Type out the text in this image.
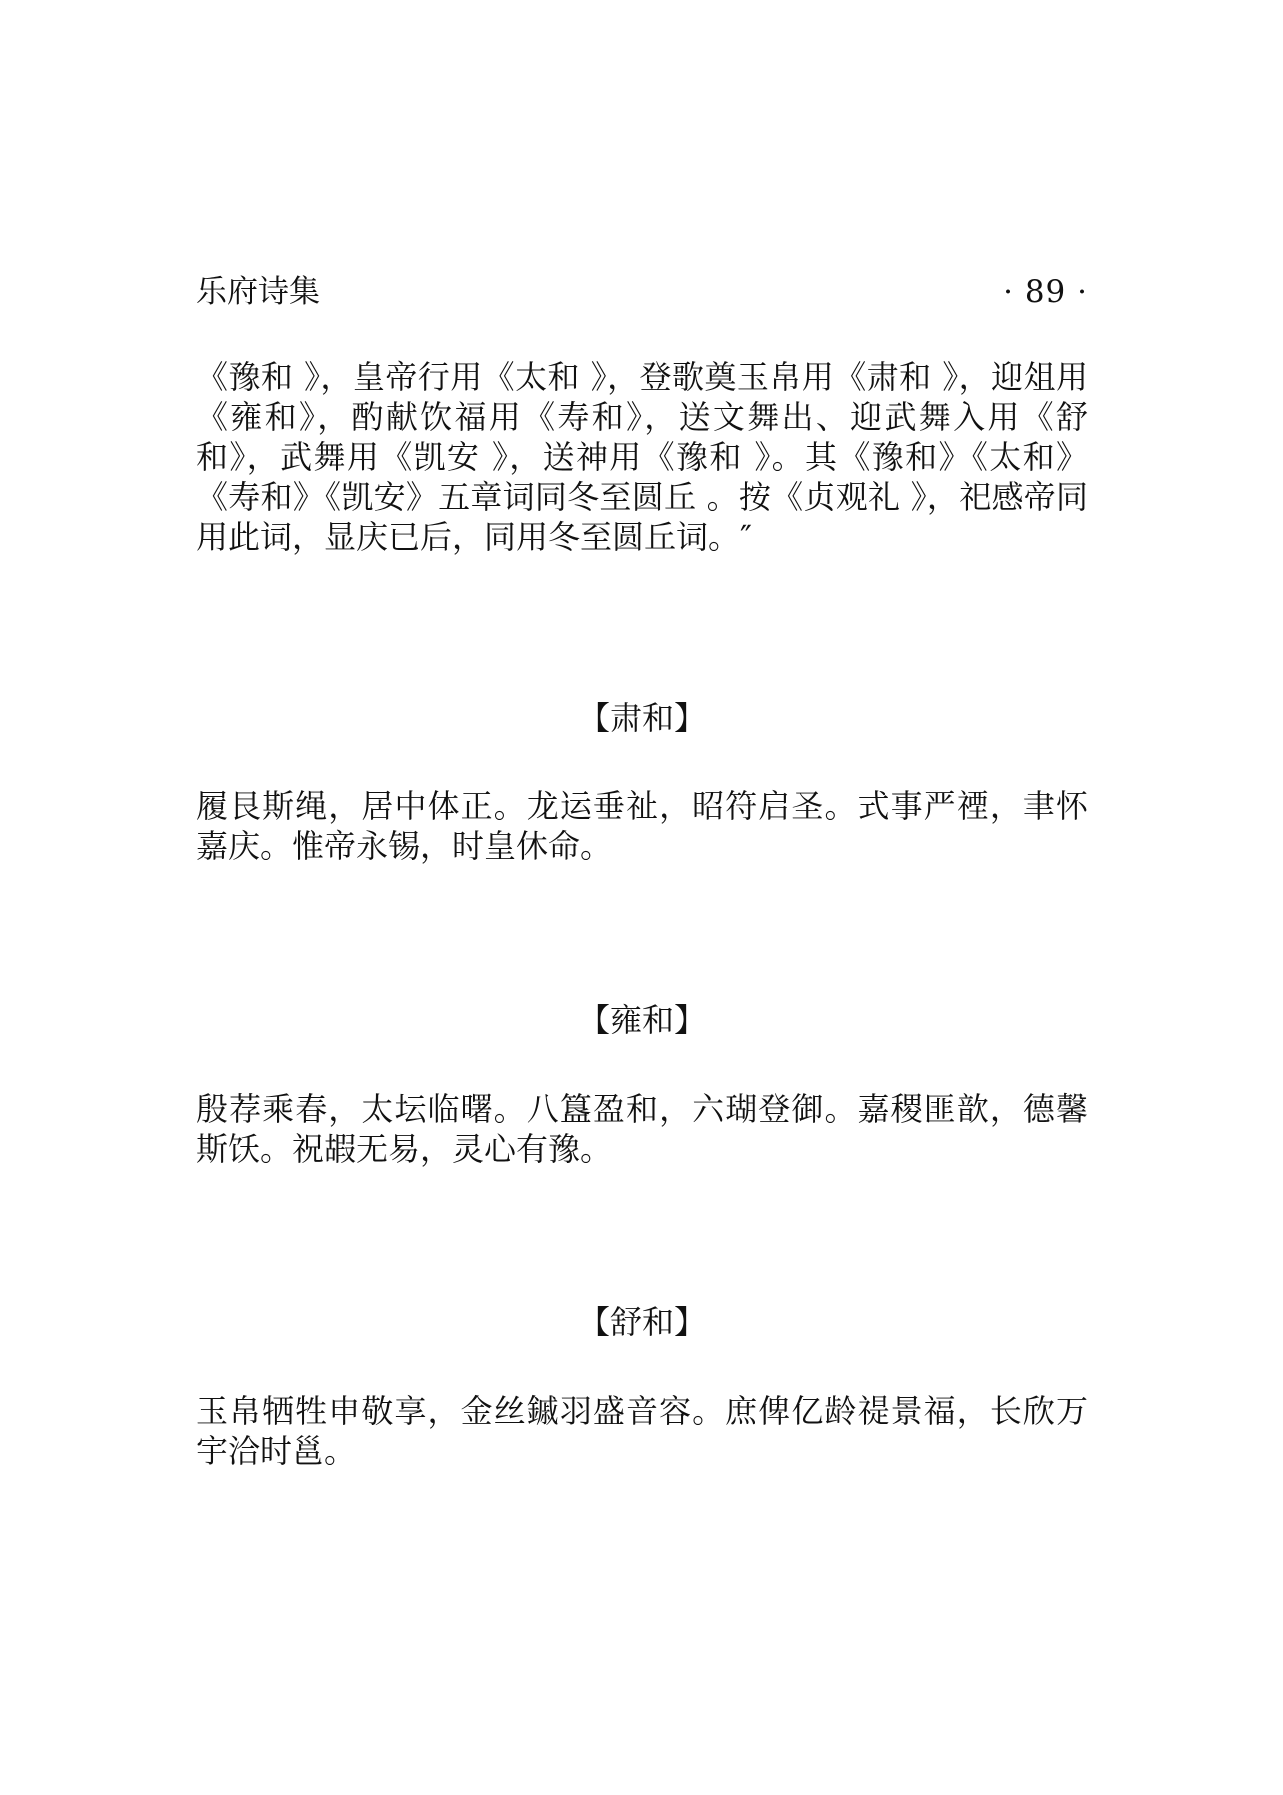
乐府诗集	· 89 ·

《豫和 》，皇帝行用《太和 》，登歌奠玉帛用《肃和 》，迎俎用《雍和》，酌献饮福用《寿和》，送文舞出、迎武舞入用《舒和》，武舞用《凯安 》，送神用《豫和 》。其《豫和》《太和》《寿和》《凯安》五章词同冬至圆丘 。按《贞观礼 》，祀感帝同用此词，显庆已后，同用冬至圆丘词。″

【肃和】

履艮斯绳，居中体正。龙运垂祉，昭符启圣。式事严禋，聿怀嘉庆。惟帝永锡，时皇休命。

【雍和】

殷荐乘春，太坛临曙。八簋盈和，六瑚登御。嘉稷匪歆，德馨斯饫。祝嘏无易，灵心有豫。

【舒和】

玉帛牺牲申敬享，金丝鏚羽盛音容。庶俾亿龄禔景福，长欣万宇洽时邕。
